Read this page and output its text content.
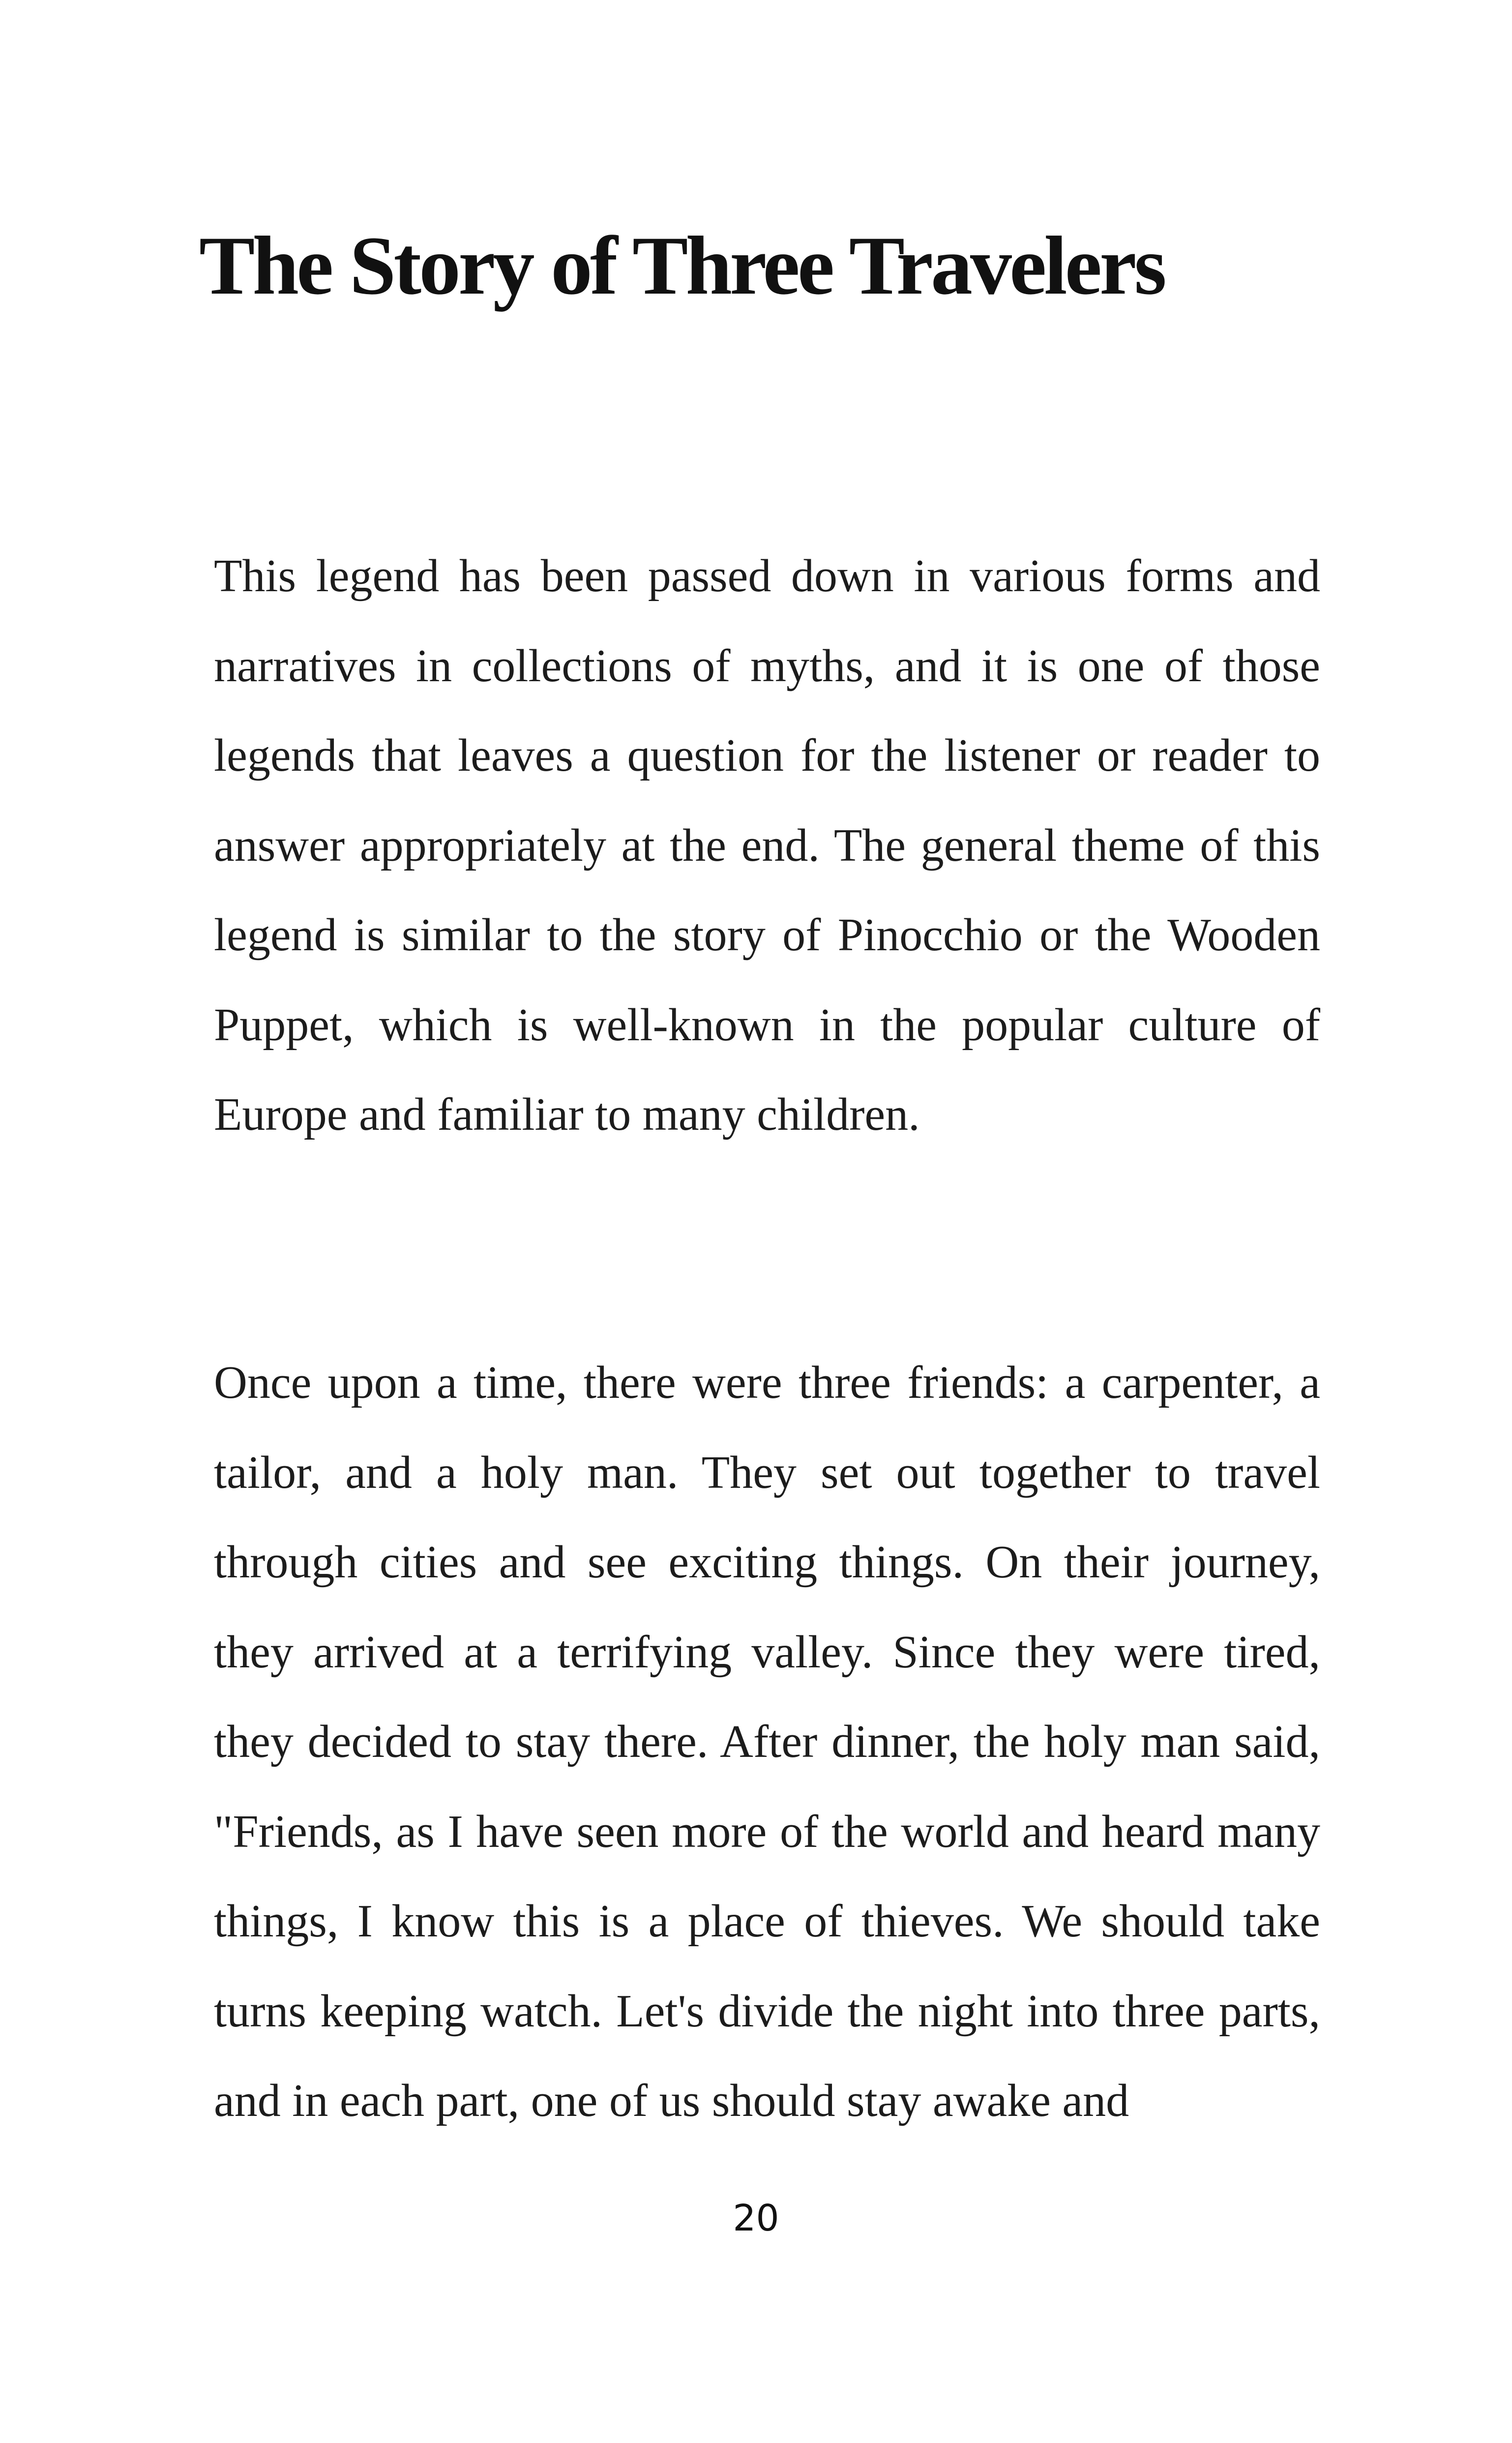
The Story of Three Travelers

This legend has been passed down in various forms and narratives in collections of myths, and it is one of those legends that leaves a question for the listener or reader to answer appropriately at the end. The general theme of this legend is similar to the story of Pinocchio or the Wooden Puppet, which is well-known in the popular culture of Europe and familiar to many children.

Once upon a time, there were three friends: a carpenter, a tailor, and a holy man. They set out together to travel through cities and see exciting things. On their journey, they arrived at a terrifying valley. Since they were tired, they decided to stay there. After dinner, the holy man said, "Friends, as I have seen more of the world and heard many things, I know this is a place of thieves. We should take turns keeping watch. Let's divide the night into three parts, and in each part, one of us should stay awake and

20
